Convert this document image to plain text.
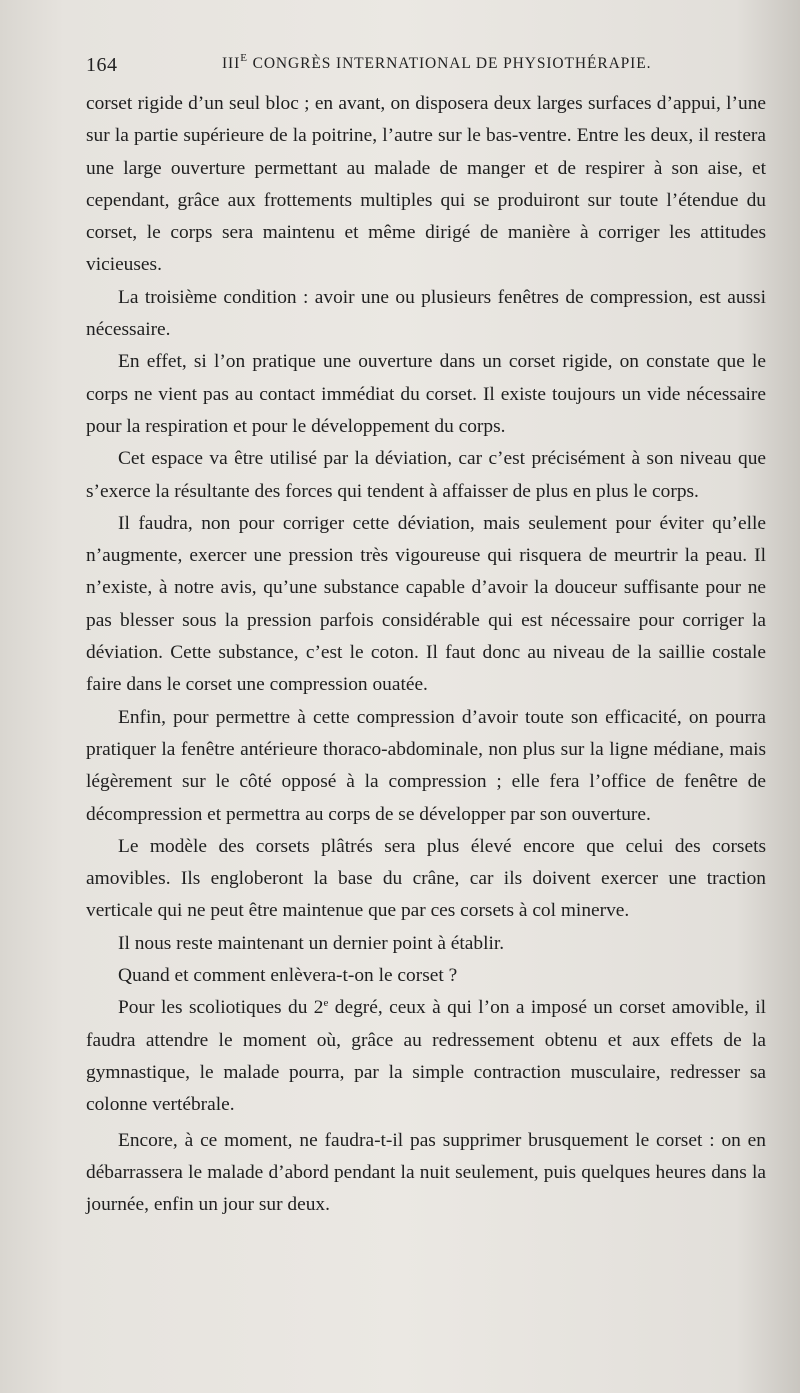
164	$III^E$ CONGRÈS INTERNATIONAL DE PHYSIOTHÉRAPIE.

corset rigide d’un seul bloc ; en avant, on disposera deux larges surfaces d’appui, l’une sur la partie supérieure de la poitrine, l’autre sur le bas-ventre. Entre les deux, il restera une large ouverture permettant au malade de manger et de respirer à son aise, et cependant, grâce aux frottements multiples qui se produiront sur toute l’étendue du corset, le corps sera maintenu et même dirigé de manière à corriger les attitudes vicieuses.

La troisième condition : avoir une ou plusieurs fenêtres de compression, est aussi nécessaire.

En effet, si l’on pratique une ouverture dans un corset rigide, on constate que le corps ne vient pas au contact immédiat du corset. Il existe toujours un vide nécessaire pour la respiration et pour le développement du corps.

Cet espace va être utilisé par la déviation, car c’est précisément à son niveau que s’exerce la résultante des forces qui tendent à affaisser de plus en plus le corps.

Il faudra, non pour corriger cette déviation, mais seulement pour éviter qu’elle n’augmente, exercer une pression très vigoureuse qui risquera de meurtrir la peau. Il n’existe, à notre avis, qu’une substance capable d’avoir la douceur suffisante pour ne pas blesser sous la pression parfois considérable qui est nécessaire pour corriger la déviation. Cette substance, c’est le coton. Il faut donc au niveau de la saillie costale faire dans le corset une compression ouatée.

Enfin, pour permettre à cette compression d’avoir toute son efficacité, on pourra pratiquer la fenêtre antérieure thoraco-abdominale, non plus sur la ligne médiane, mais légèrement sur le côté opposé à la compression ; elle fera l’office de fenêtre de décompression et permettra au corps de se développer par son ouverture.

Le modèle des corsets plâtrés sera plus élevé encore que celui des corsets amovibles. Ils engloberont la base du crâne, car ils doivent exercer une traction verticale qui ne peut être maintenue que par ces corsets à col minerve.

Il nous reste maintenant un dernier point à établir.

Quand et comment enlèvera-t-on le corset ?

Pour les scoliotiques du 2e degré, ceux à qui l’on a imposé un corset amovible, il faudra attendre le moment où, grâce au redressement obtenu et aux effets de la gymnastique, le malade pourra, par la simple contraction musculaire, redresser sa colonne vertébrale.

Encore, à ce moment, ne faudra-t-il pas supprimer brusquement le corset : on en débarrassera le malade d’abord pendant la nuit seulement, puis quelques heures dans la journée, enfin un jour sur deux.
